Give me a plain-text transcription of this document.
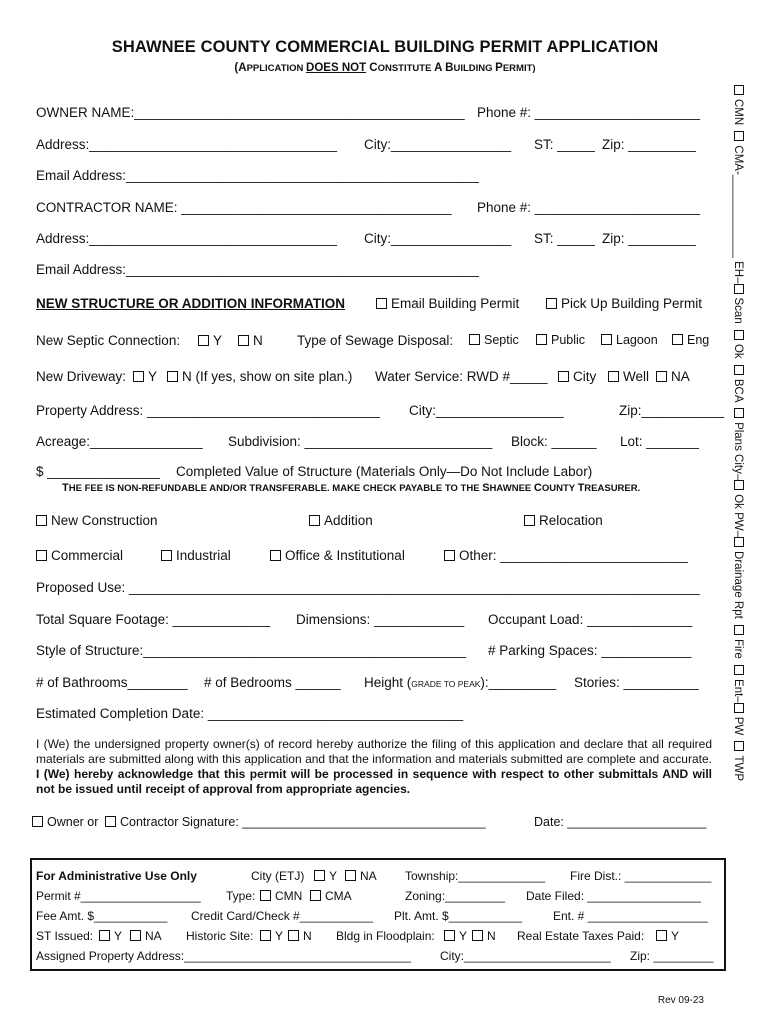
SHAWNEE COUNTY COMMERCIAL BUILDING PERMIT APPLICATION
(APPLICATION DOES NOT CONSTITUTE A BUILDING PERMIT)
OWNER NAME:____________________________________________ Phone #: ______________________
Address:_________________________________ City:________________ ST: _____ Zip: _________
Email Address:_______________________________________________
CONTRACTOR NAME: ____________________________________ Phone #: ______________________
Address:_________________________________ City:________________ ST: _____ Zip: _________
Email Address:_______________________________________________
NEW STRUCTURE OR ADDITION INFORMATION	Email Building Permit	Pick Up Building Permit
New Septic Connection:	Y	N	Type of Sewage Disposal:	Septic	Public	Lagoon	Eng
New Driveway:	Y	N (If yes, show on site plan.) Water Service: RWD #_____	City	Well	NA
Property Address: _______________________________ City:_________________	Zip:___________
Acreage:_______________ Subdivision: _________________________ Block: ______ Lot: _______
$ _______________ Completed Value of Structure (Materials Only—Do Not Include Labor)
THE FEE IS NON-REFUNDABLE AND/OR TRANSFERABLE. MAKE CHECK PAYABLE TO THE SHAWNEE COUNTY TREASURER.
New Construction	Addition	Relocation
Commercial	Industrial	Office & Institutional	Other: _________________________
Proposed Use: ____________________________________________________________________________
Total Square Footage: _____________ Dimensions: ____________ Occupant Load: ______________
Style of Structure:___________________________________________ # Parking Spaces: ____________
# of Bathrooms________ # of Bedrooms ______ Height (GRADE TO PEAK):_________ Stories: __________
Estimated Completion Date: __________________________________
I (We) the undersigned property owner(s) of record hereby authorize the filing of this application and declare that all required materials are submitted along with this application and that the information and materials submitted are complete and accurate. I (We) hereby acknowledge that this permit will be processed in sequence with respect to other submittals AND will not be issued until receipt of approval from appropriate agencies.
Owner or	Contractor Signature: ___________________________________	Date: ____________________
For Administrative Use Only	City (ETJ)	Y	NA Township:_____________ Fire Dist.: _____________
Permit #__________________ Type:	CMN	CMA	Zoning:_________ Date Filed: _________________
Fee Amt. $___________ Credit Card/Check #___________ Plt. Amt. $___________	Ent. # __________________
ST Issued:	Y	NA Historic Site:	Y	N Bldg in Floodplain:	Y	N Real Estate Taxes Paid:	Y
Assigned Property Address:__________________________________ City:______________________ Zip: _________
CMN CMA-_____________ EH–Scan Ok BCA Plans City–Ok PW–Drainage Rpt Fire Ent–PW TWP
Rev 09-23
